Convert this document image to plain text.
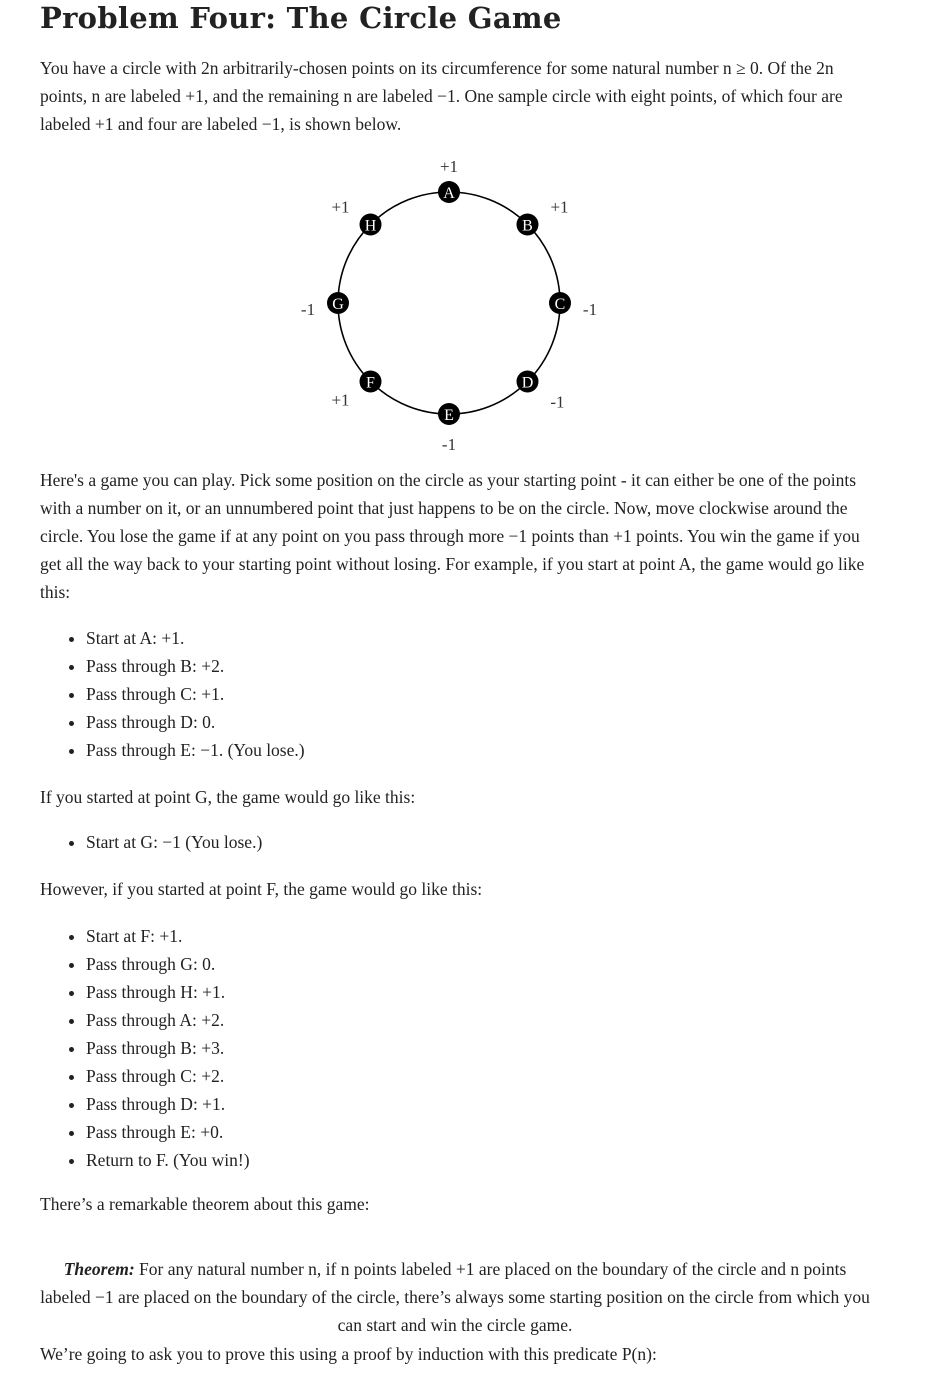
Problem Four: The Circle Game

You have a circle with 2n arbitrarily-chosen points on its circumference for some natural number n ≥ 0. Of the 2n points, n are labeled +1, and the remaining n are labeled −1. One sample circle with eight points, of which four are labeled +1 and four are labeled −1, is shown below.

A
+1
B
+1
C -1
D
-1
E
-1
F
+1
G
-1
H
+1

Here's a game you can play. Pick some position on the circle as your starting point - it can either be one of the points with a number on it, or an unnumbered point that just happens to be on the circle. Now, move clockwise around the circle. You lose the game if at any point on you pass through more −1 points than +1 points. You win the game if you get all the way back to your starting point without losing. For example, if you start at point A, the game would go like this:

• Start at A: +1.
• Pass through B: +2.
• Pass through C: +1.
• Pass through D: 0.
• Pass through E: −1. (You lose.)

If you started at point G, the game would go like this:

• Start at G: −1 (You lose.)

However, if you started at point F, the game would go like this:

• Start at F: +1.
• Pass through G: 0.
• Pass through H: +1.
• Pass through A: +2.
• Pass through B: +3.
• Pass through C: +2.
• Pass through D: +1.
• Pass through E: +0.
• Return to F. (You win!)

There’s a remarkable theorem about this game:

Theorem: For any natural number n, if n points labeled +1 are placed on the boundary of the circle and n points labeled −1 are placed on the boundary of the circle, there’s always some starting position on the circle from which you can start and win the circle game.

We’re going to ask you to prove this using a proof by induction with this predicate P(n):
